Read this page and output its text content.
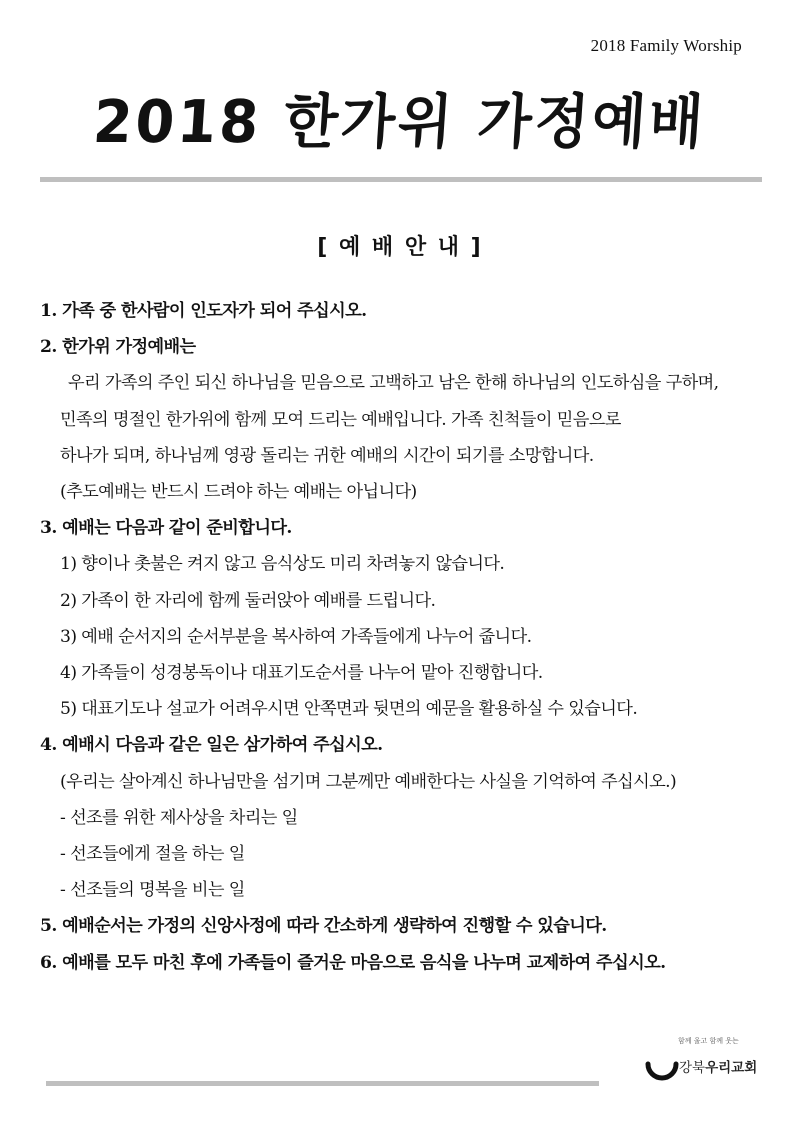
2018 Family Worship
2018 한가위 가정예배
[ 예 배 안 내 ]
1. 가족 중 한사람이 인도자가 되어 주십시오.
2. 한가위 가정예배는
우리 가족의 주인 되신 하나님을 믿음으로 고백하고 남은 한해 하나님의 인도하심을 구하며,
민족의 명절인 한가위에 함께 모여 드리는 예배입니다. 가족 친척들이 믿음으로
하나가 되며, 하나님께 영광 돌리는 귀한 예배의 시간이 되기를 소망합니다.
(추도예배는 반드시 드려야 하는 예배는 아닙니다)
3. 예배는 다음과 같이 준비합니다.
1) 향이나 촛불은 켜지 않고 음식상도 미리 차려놓지 않습니다.
2) 가족이 한 자리에 함께 둘러앉아 예배를 드립니다.
3) 예배 순서지의 순서부분을 복사하여 가족들에게 나누어 줍니다.
4) 가족들이 성경봉독이나 대표기도순서를 나누어 맡아 진행합니다.
5) 대표기도나 설교가 어려우시면 안쪽면과 뒷면의 예문을 활용하실 수 있습니다.
4. 예배시 다음과 같은 일은 삼가하여 주십시오.
(우리는 살아계신 하나님만을 섬기며 그분께만 예배한다는 사실을 기억하여 주십시오.)
- 선조를 위한 제사상을 차리는 일
- 선조들에게 절을 하는 일
- 선조들의 명복을 비는 일
5. 예배순서는 가정의 신앙사정에 따라 간소하게 생략하여 진행할 수 있습니다.
6. 예배를 모두 마친 후에 가족들이 즐거운 마음으로 음식을 나누며 교제하여 주십시오.
함께 울고 함께 웃는
강북우리교회
